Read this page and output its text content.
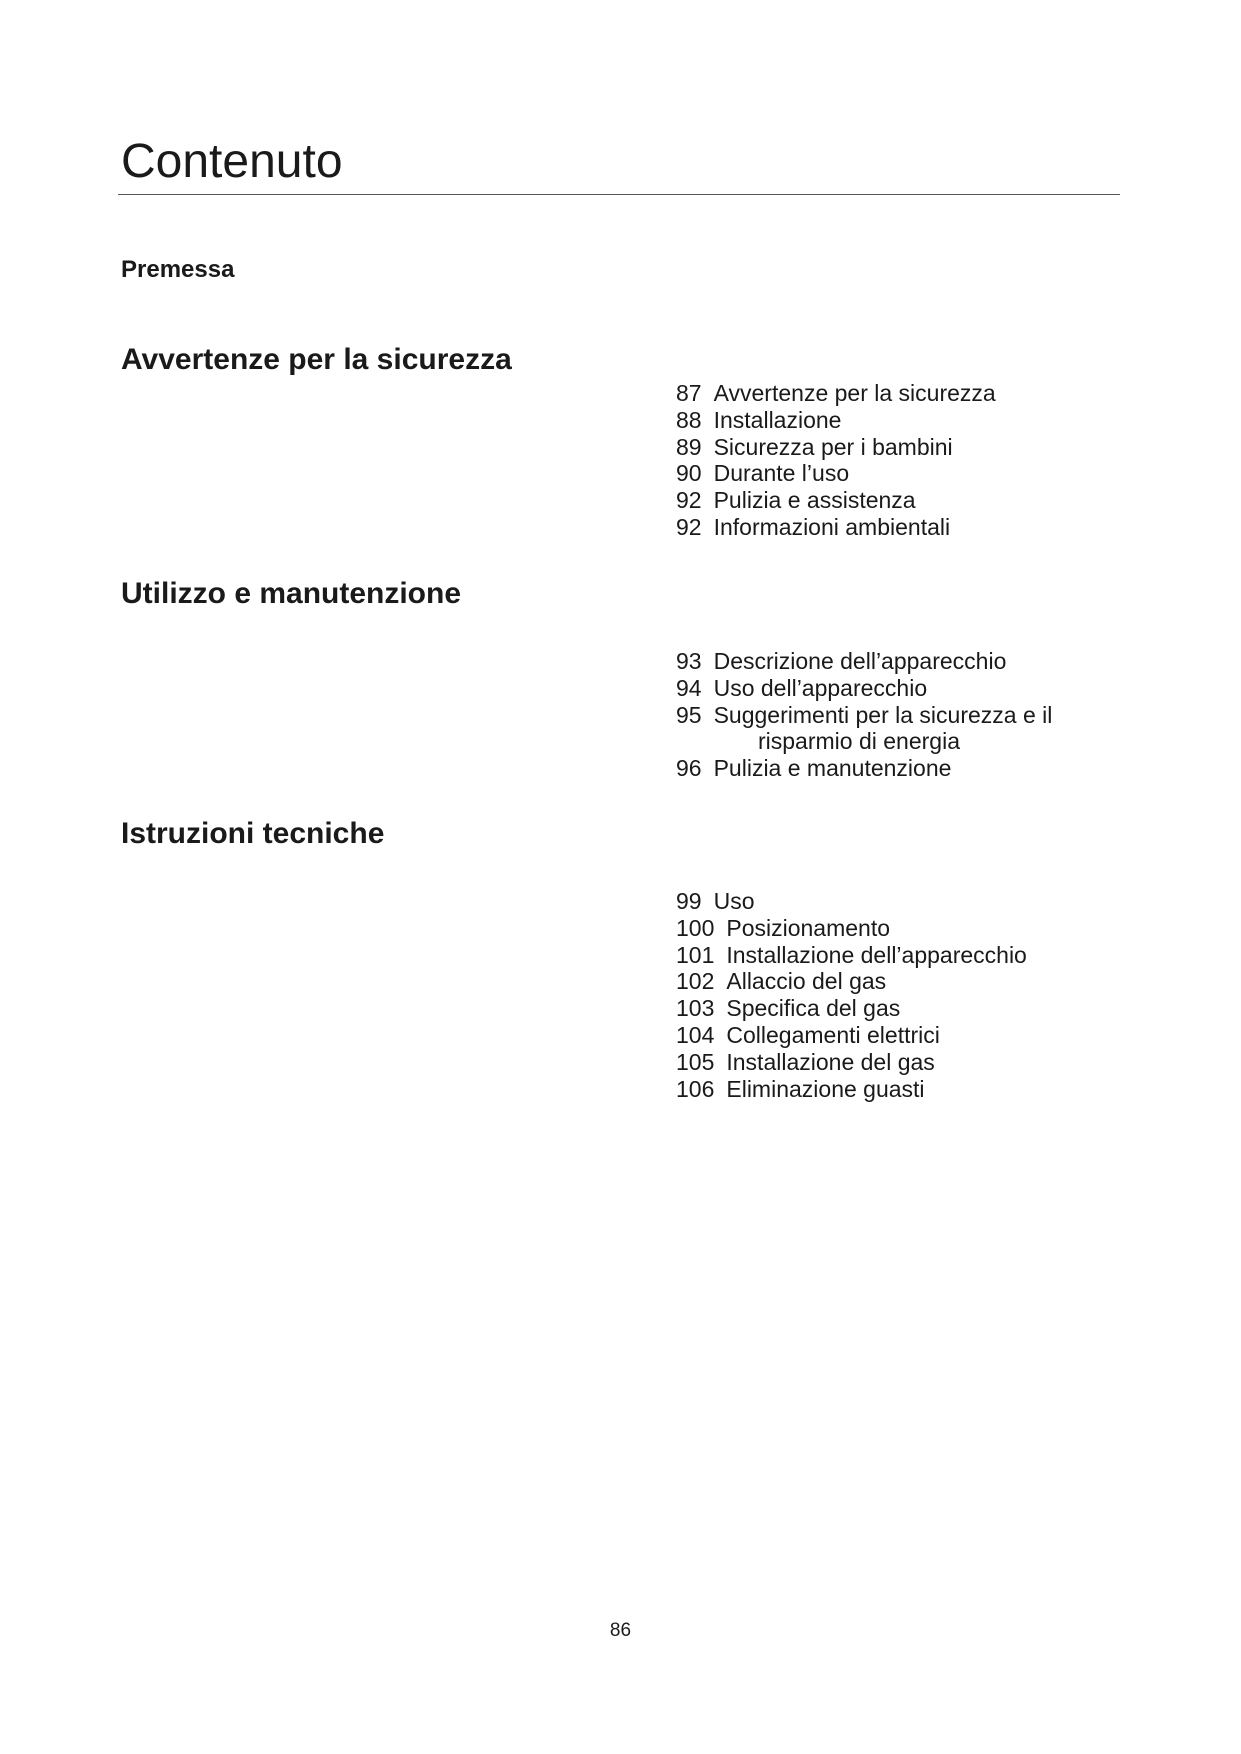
Contenuto
Premessa
Avvertenze per la sicurezza
87 Avvertenze per la sicurezza
88 Installazione
89 Sicurezza per i bambini
90 Durante l’uso
92 Pulizia e assistenza
92 Informazioni ambientali
Utilizzo e manutenzione
93 Descrizione dell’apparecchio
94 Uso dell’apparecchio
95 Suggerimenti per la sicurezza e il
risparmio di energia
96 Pulizia e manutenzione
Istruzioni tecniche
99 Uso
100 Posizionamento
101 Installazione dell’apparecchio
102 Allaccio del gas
103 Specifica del gas
104 Collegamenti elettrici
105 Installazione del gas
106 Eliminazione guasti
86
